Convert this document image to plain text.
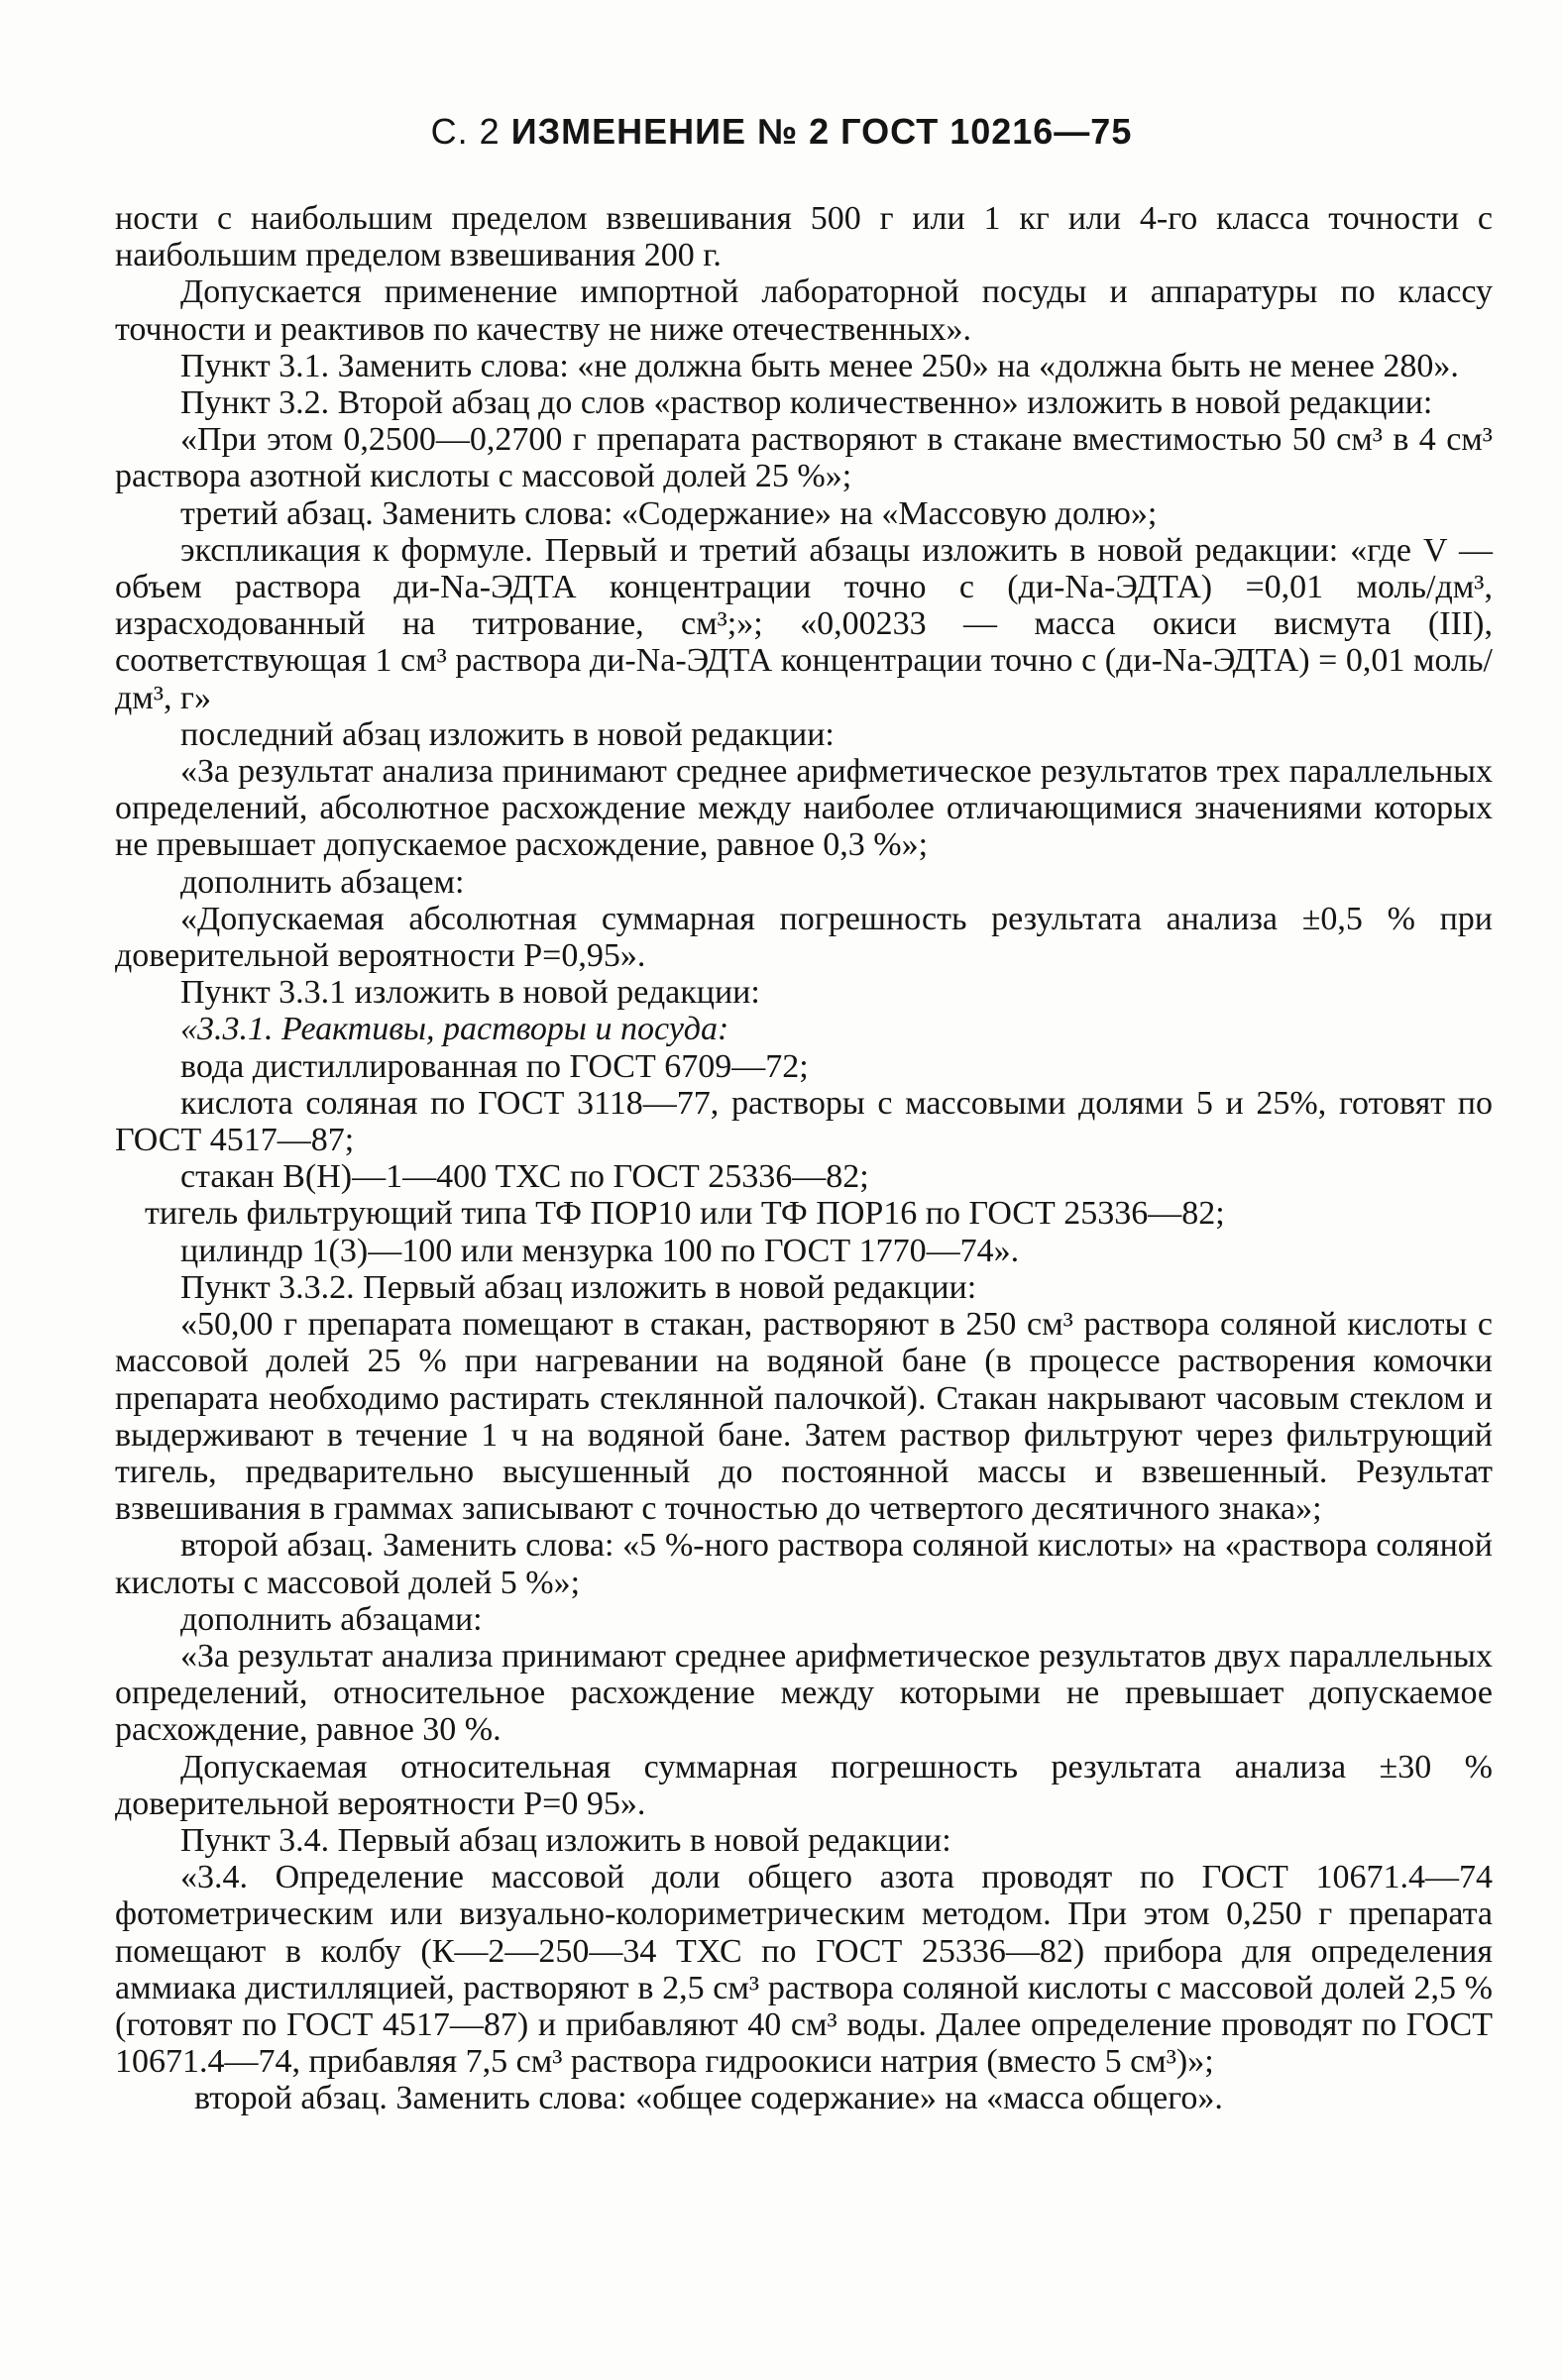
С. 2 ИЗМЕНЕНИЕ № 2 ГОСТ 10216—75

ности с наибольшим пределом взвешивания 500 г или 1 кг или 4-го класса точности с наибольшим пределом взвешивания 200 г.

Допускается применение импортной лабораторной посуды и аппаратуры по классу точности и реактивов по качеству не ниже отечественных».

Пункт 3.1. Заменить слова: «не должна быть менее 250» на «должна быть не менее 280».

Пункт 3.2. Второй абзац до слов «раствор количественно» изложить в новой редакции:

«При этом 0,2500—0,2700 г препарата растворяют в стакане вместимостью 50 см³ в 4 см³ раствора азотной кислоты с массовой долей 25 %»;

третий абзац. Заменить слова: «Содержание» на «Массовую долю»;

экспликация к формуле. Первый и третий абзацы изложить в новой редакции: «где V — объем раствора ди-Na-ЭДТА концентрации точно c (ди-Na-ЭДТА) =0,01 моль/дм³, израсходованный на титрование, см³;»; «0,00233 — масса окиси висмута (III), соответствующая 1 см³ раствора ди-Na-ЭДТА концентрации точно c (ди-Na-ЭДТА) = 0,01 моль/дм³, г»

последний абзац изложить в новой редакции:

«За результат анализа принимают среднее арифметическое результатов трех параллельных определений, абсолютное расхождение между наиболее отличающимися значениями которых не превышает допускаемое расхождение, равное 0,3 %»;

дополнить абзацем:

«Допускаемая абсолютная суммарная погрешность результата анализа ±0,5 % при доверительной вероятности P=0,95».

Пункт 3.3.1 изложить в новой редакции:

«3.3.1. Реактивы, растворы и посуда:

вода дистиллированная по ГОСТ 6709—72;

кислота соляная по ГОСТ 3118—77, растворы с массовыми долями 5 и 25%, готовят по ГОСТ 4517—87;

стакан В(Н)—1—400 ТХС по ГОСТ 25336—82;

тигель фильтрующий типа ТФ ПОР10 или ТФ ПОР16 по ГОСТ 25336—82;

цилиндр 1(3)—100 или мензурка 100 по ГОСТ 1770—74».

Пункт 3.3.2. Первый абзац изложить в новой редакции:

«50,00 г препарата помещают в стакан, растворяют в 250 см³ раствора соляной кислоты с массовой долей 25 % при нагревании на водяной бане (в процессе растворения комочки препарата необходимо растирать стеклянной палочкой). Стакан накрывают часовым стеклом и выдерживают в течение 1 ч на водяной бане. Затем раствор фильтруют через фильтрующий тигель, предварительно высушенный до постоянной массы и взвешенный. Результат взвешивания в граммах записывают с точностью до четвертого десятичного знака»;

второй абзац. Заменить слова: «5 %-ного раствора соляной кислоты» на «раствора соляной кислоты с массовой долей 5 %»;

дополнить абзацами:

«За результат анализа принимают среднее арифметическое результатов двух параллельных определений, относительное расхождение между которыми не превышает допускаемое расхождение, равное 30 %.

Допускаемая относительная суммарная погрешность результата анализа ±30 % доверительной вероятности P=0 95».

Пункт 3.4. Первый абзац изложить в новой редакции:

«3.4. Определение массовой доли общего азота проводят по ГОСТ 10671.4—74 фотометрическим или визуально-колориметрическим методом. При этом 0,250 г препарата помещают в колбу (К—2—250—34 ТХС по ГОСТ 25336—82) прибора для определения аммиака дистилляцией, растворяют в 2,5 см³ раствора соляной кислоты с массовой долей 2,5 % (готовят по ГОСТ 4517—87) и прибавляют 40 см³ воды. Далее определение проводят по ГОСТ 10671.4—74, прибавляя 7,5 см³ раствора гидроокиси натрия (вместо 5 см³)»;

второй абзац. Заменить слова: «общее содержание» на «масса общего».
